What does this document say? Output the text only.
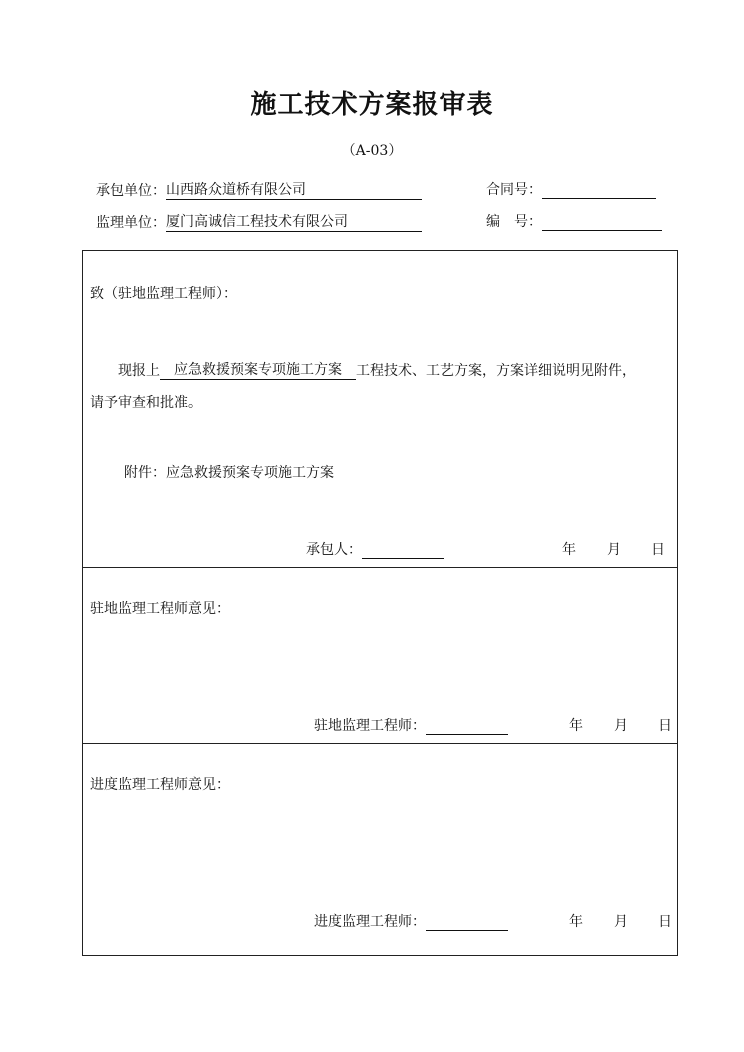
施工技术方案报审表
（A-03）
承包单位：山西路众道桥有限公司	合同号：
监理单位：厦门高诚信工程技术有限公司	编　号：
致（驻地监理工程师）：
现报上 应急救援预案专项施工方案 工程技术、工艺方案，方案详细说明见附件，
请予审查和批准。
附件：应急救援预案专项施工方案
承包人：	年 月 日
驻地监理工程师意见：
驻地监理工程师：	年 月 日
进度监理工程师意见：
进度监理工程师：	年 月 日
